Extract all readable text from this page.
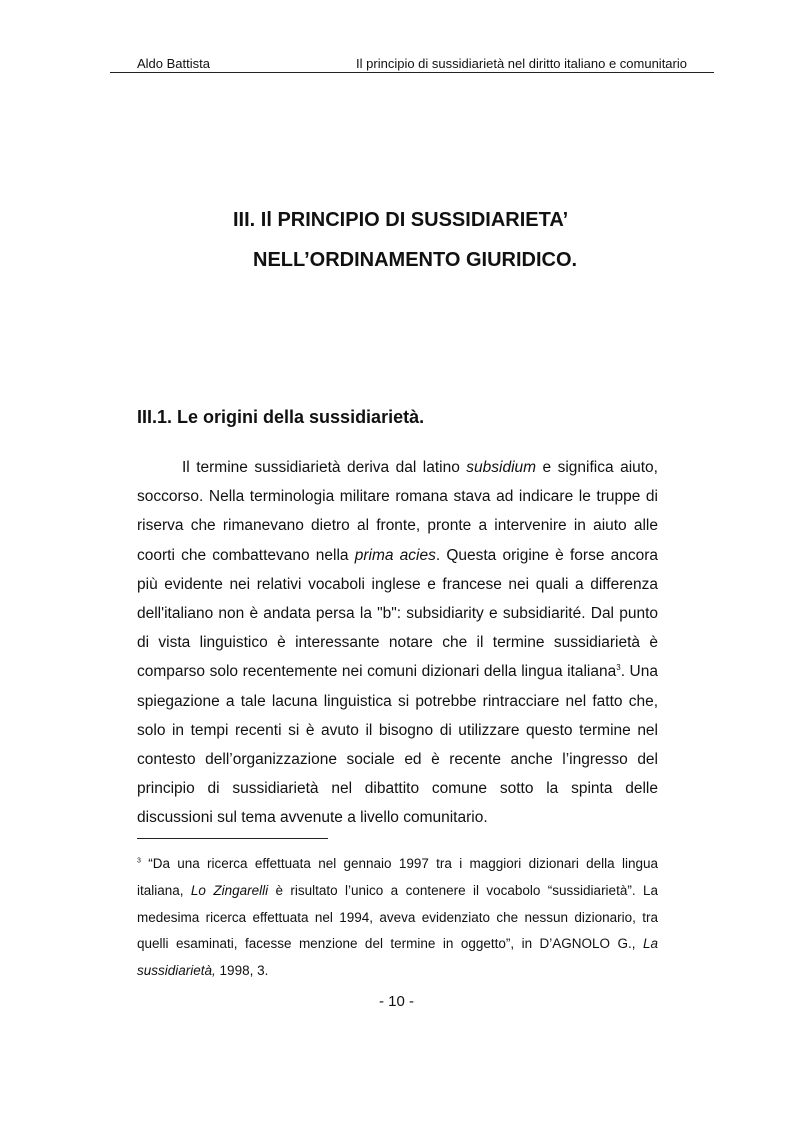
Aldo Battista	Il principio di sussidiarietà nel diritto italiano e comunitario
III. Il PRINCIPIO DI SUSSIDIARIETA’
NELL’ORDINAMENTO GIURIDICO.
III.1. Le origini della sussidiarietà.

Il termine sussidiarietà deriva dal latino subsidium e significa aiuto, soccorso. Nella terminologia militare romana stava ad indicare le truppe di riserva che rimanevano dietro al fronte, pronte a intervenire in aiuto alle coorti che combattevano nella prima acies. Questa origine è forse ancora più evidente nei relativi vocaboli inglese e francese nei quali a differenza dell'italiano non è andata persa la "b": subsidiarity e subsidiarité. Dal punto di vista linguistico è interessante notare che il termine sussidiarietà è comparso solo recentemente nei comuni dizionari della lingua italiana$^3$. Una spiegazione a tale lacuna linguistica si potrebbe rintracciare nel fatto che, solo in tempi recenti si è avuto il bisogno di utilizzare questo termine nel contesto dell’organizzazione sociale ed è recente anche l’ingresso del principio di sussidiarietà nel dibattito comune sotto la spinta delle discussioni sul tema avvenute a livello comunitario.

$^3$ “Da una ricerca effettuata nel gennaio 1997 tra i maggiori dizionari della lingua italiana, Lo Zingarelli è risultato l’unico a contenere il vocabolo “sussidiarietà”. La medesima ricerca effettuata nel 1994, aveva evidenziato che nessun dizionario, tra quelli esaminati, facesse menzione del termine in oggetto”, in D’AGNOLO G., La sussidiarietà, 1998, 3.

- 10 -
